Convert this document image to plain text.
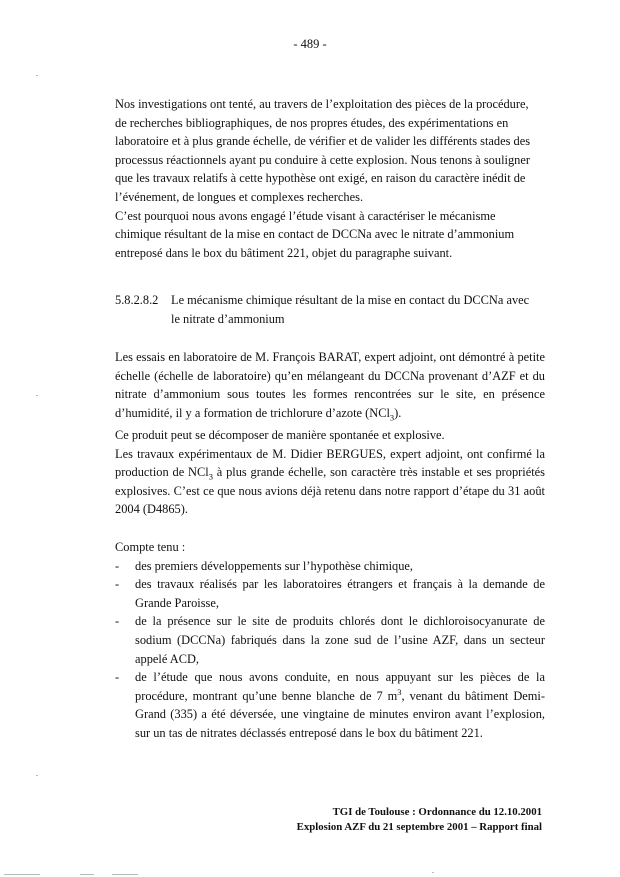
- 489 -

Nos investigations ont tenté, au travers de l’exploitation des pièces de la procédure,
de recherches bibliographiques, de nos propres études, des expérimentations en
laboratoire et à plus grande échelle, de vérifier et de valider les différents stades des
processus réactionnels ayant pu conduire à cette explosion. Nous tenons à souligner
que les travaux relatifs à cette hypothèse ont exigé, en raison du caractère inédit de
l’événement, de longues et complexes recherches.

C’est pourquoi nous avons engagé l’étude visant à caractériser le mécanisme
chimique résultant de la mise en contact de DCCNa avec le nitrate d’ammonium
entreposé dans le box du bâtiment 221, objet du paragraphe suivant.

5.8.2.8.2 Le mécanisme chimique résultant de la mise en contact du DCCNa avec
le nitrate d’ammonium

Les essais en laboratoire de M. François BARAT, expert adjoint, ont démontré à petite échelle (échelle de laboratoire) qu’en mélangeant du DCCNa provenant d’AZF et du nitrate d’ammonium sous toutes les formes rencontrées sur le site, en présence d’humidité, il y a formation de trichlorure d’azote (NCl$_3$).

Ce produit peut se décomposer de manière spontanée et explosive.

Les travaux expérimentaux de M. Didier BERGUES, expert adjoint, ont confirmé la production de NCl$_3$ à plus grande échelle, son caractère très instable et ses propriétés explosives. C’est ce que nous avions déjà retenu dans notre rapport d’étape du 31 août 2004 (D4865).

Compte tenu :

- des premiers développements sur l’hypothèse chimique,
- des travaux réalisés par les laboratoires étrangers et français à la demande de Grande Paroisse,
- de la présence sur le site de produits chlorés dont le dichloroisocyanurate de sodium (DCCNa) fabriqués dans la zone sud de l’usine AZF, dans un secteur appelé ACD,
- de l’étude que nous avons conduite, en nous appuyant sur les pièces de la procédure, montrant qu’une benne blanche de 7 $m^3$, venant du bâtiment Demi-Grand (335) a été déversée, une vingtaine de minutes environ avant l’explosion, sur un tas de nitrates déclassés entreposé dans le box du bâtiment 221.
TGI de Toulouse : Ordonnance du 12.10.2001
Explosion AZF du 21 septembre 2001 – Rapport final
